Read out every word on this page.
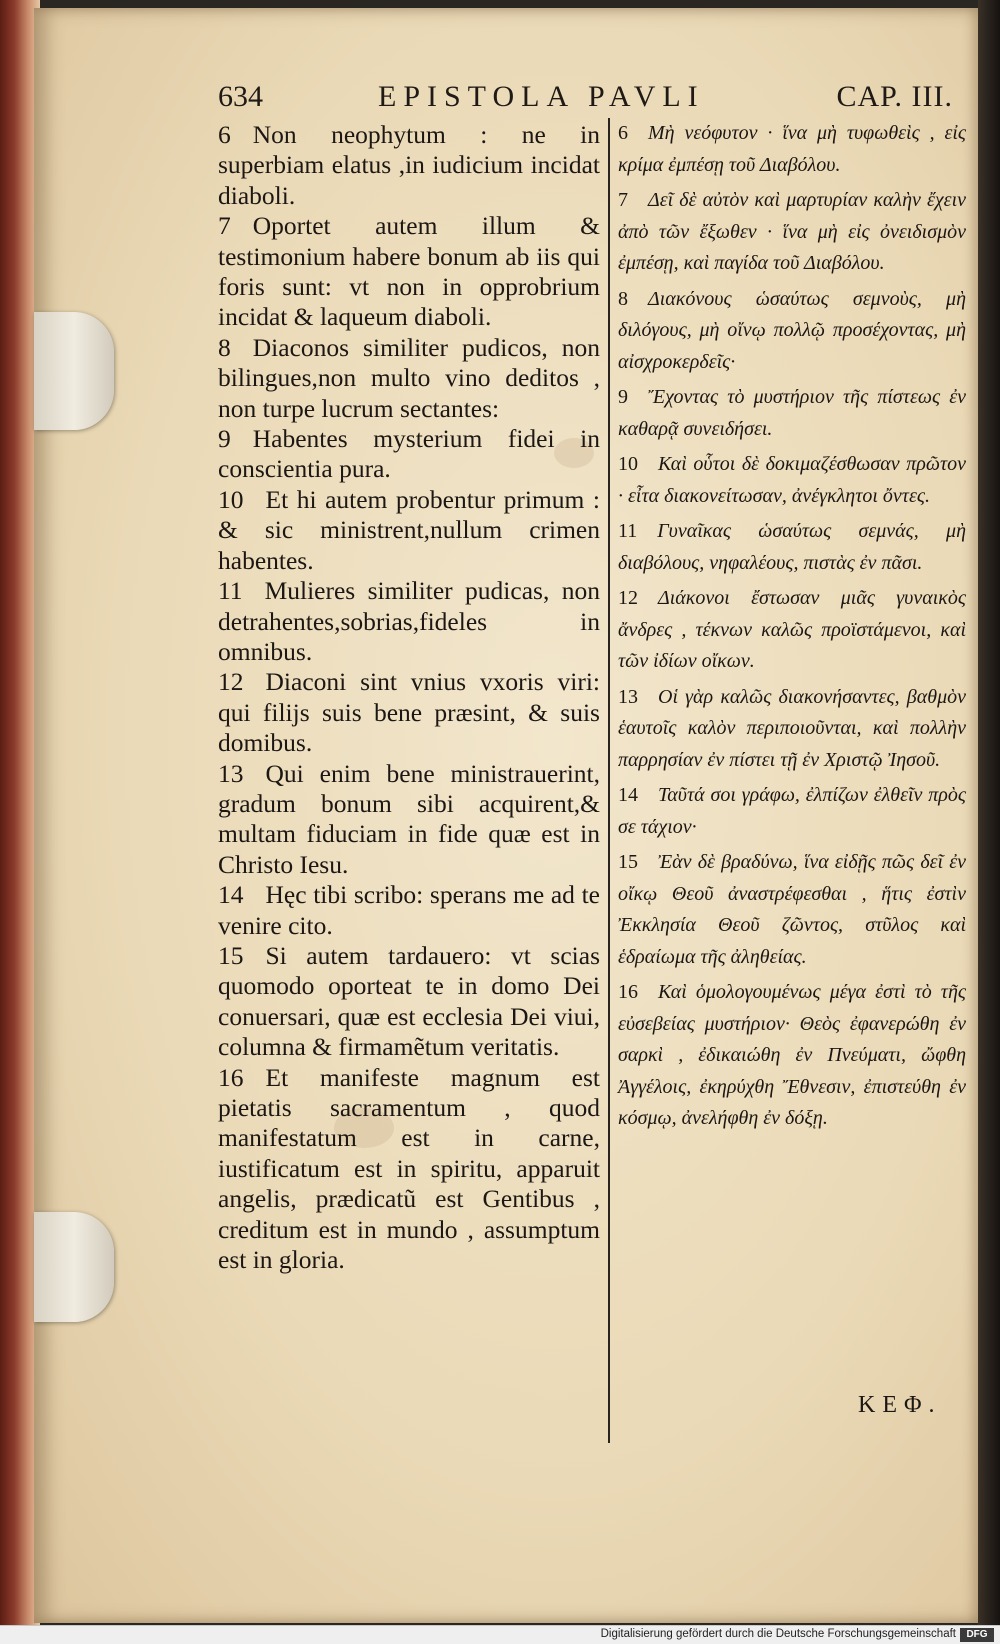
634	EPISTOLA PAVLI	CAP. III.
6 Non neophytum : ne in superbiam elatus ,in iudicium incidat diaboli.
7 Oportet autem illum & testimonium habere bonum ab iis qui foris sunt: vt non in opprobrium incidat & laqueum diaboli.
8 Diaconos similiter pudicos, non bilingues,non multo vino deditos , non turpe lucrum sectantes:
9 Habentes mysterium fidei in conscientia pura.
10 Et hi autem probentur primum : & sic ministrent,nullum crimen habentes.
11 Mulieres similiter pudicas, non detrahentes,sobrias,fideles in omnibus.
12 Diaconi sint vnius vxoris viri: qui filijs suis bene præsint, & suis domibus.
13 Qui enim bene ministrauerint, gradum bonum sibi acquirent,& multam fiduciam in fide quæ est in Christo Iesu.
14 Hęc tibi scribo: sperans me ad te venire cito.
15 Si autem tardauero: vt scias quomodo oporteat te in domo Dei conuersari, quæ est ecclesia Dei viui, columna & firmamẽtum veritatis.
16 Et manifeste magnum est pietatis sacramentum , quod manifestatum est in carne, iustificatum est in spiritu, apparuit angelis, prædicatũ est Gentibus , creditum est in mundo , assumptum est in gloria.
6 Μὴ νεόφυτον · ἵνα μὴ τυφωθεὶς , εἰς κρίμα ἐμπέσῃ τοῦ Διαβόλου.
7 Δεῖ δὲ αὐτὸν καὶ μαρτυρίαν καλὴν ἔχειν ἀπὸ τῶν ἔξωθεν · ἵνα μὴ εἰς ὀνειδισμὸν ἐμπέσῃ, καὶ παγίδα τοῦ Διαβόλου.
8 Διακόνους ὡσαύτως σεμνοὺς, μὴ διλόγους, μὴ οἴνῳ πολλῷ προσέχοντας, μὴ αἰσχροκερδεῖς·
9 Ἔχοντας τὸ μυστήριον τῆς πίστεως ἐν καθαρᾷ συνειδήσει.
10 Καὶ οὗτοι δὲ δοκιμαζέσθωσαν πρῶτον · εἶτα διακονείτωσαν, ἀνέγκλητοι ὄντες.
11 Γυναῖκας ὡσαύτως σεμνάς, μὴ διαβόλους, νηφαλέους, πιστὰς ἐν πᾶσι.
12 Διάκονοι ἔστωσαν μιᾶς γυναικὸς ἄνδρες , τέκνων καλῶς προϊστάμενοι, καὶ τῶν ἰδίων οἴκων.
13 Οἱ γὰρ καλῶς διακονήσαντες, βαθμὸν ἑαυτοῖς καλὸν περιποιοῦνται, καὶ πολλὴν παρρησίαν ἐν πίστει τῇ ἐν Χριστῷ Ἰησοῦ.
14 Ταῦτά σοι γράφω, ἐλπίζων ἐλθεῖν πρὸς σε τάχιον·
15 Ἐὰν δὲ βραδύνω, ἵνα εἰδῇς πῶς δεῖ ἐν οἴκῳ Θεοῦ ἀναστρέφεσθαι , ἥτις ἐστὶν Ἐκκλησία Θεοῦ ζῶντος, στῦλος καὶ ἑδραίωμα τῆς ἀληθείας.
16 Καὶ ὁμολογουμένως μέγα ἐστὶ τὸ τῆς εὐσεβείας μυστήριον· Θεὸς ἐφανερώθη ἐν σαρκὶ , ἐδικαιώθη ἐν Πνεύματι, ὤφθη Ἀγγέλοις, ἐκηρύχθη Ἔθνεσιν, ἐπιστεύθη ἐν κόσμῳ, ἀνελήφθη ἐν δόξῃ.
ΚΕΦ.
Digitalisierung gefördert durch die Deutsche Forschungsgemeinschaft	DFG
